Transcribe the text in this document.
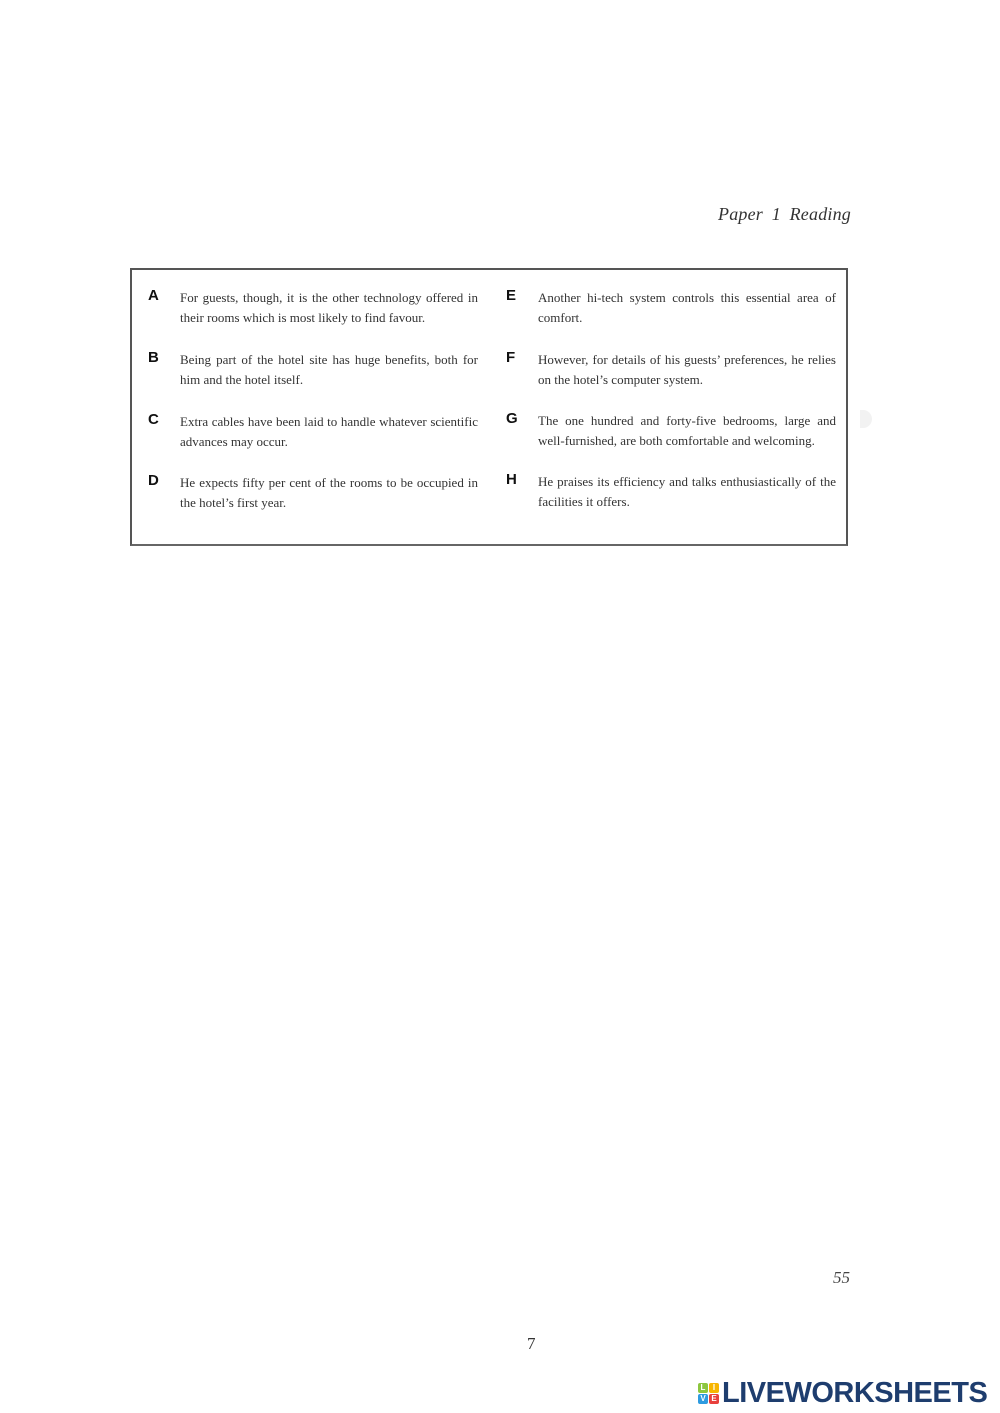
Paper 1 Reading
A For guests, though, it is the other technology offered in their rooms which is most likely to find favour.
B Being part of the hotel site has huge benefits, both for him and the hotel itself.
C Extra cables have been laid to handle whatever scientific advances may occur.
D He expects fifty per cent of the rooms to be occupied in the hotel’s first year.
E Another hi-tech system controls this essential area of comfort.
F However, for details of his guests’ preferences, he relies on the hotel’s computer system.
G The one hundred and forty-five bedrooms, large and well-furnished, are both comfortable and welcoming.
H He praises its efficiency and talks enthusiastically of the facilities it offers.
55
7
L I
V E LIVEWORKSHEETS
